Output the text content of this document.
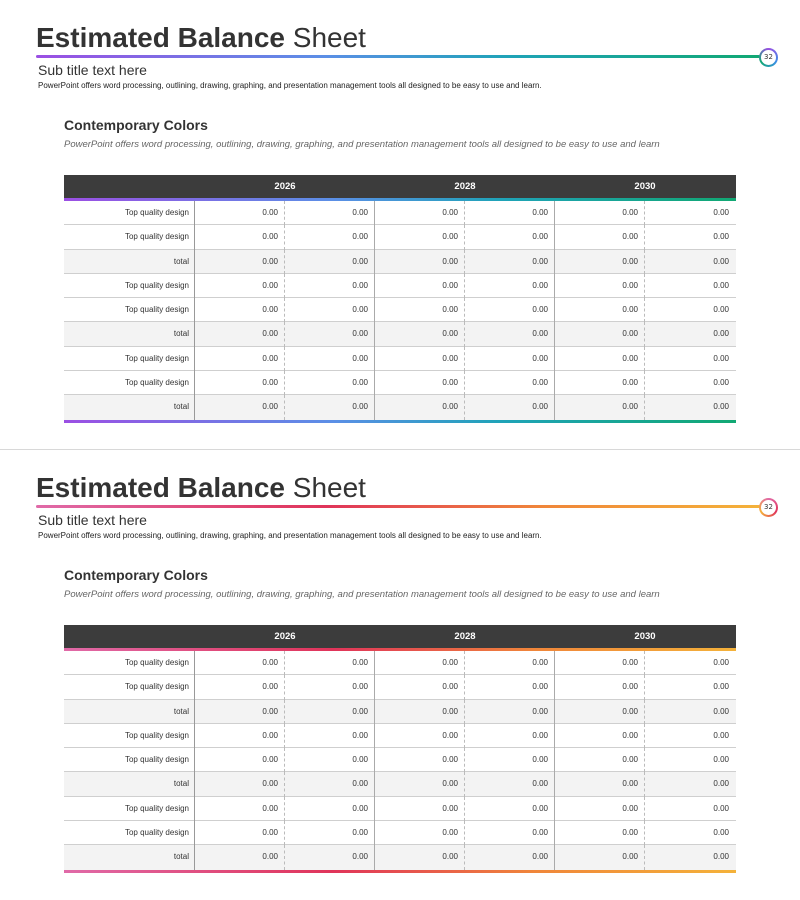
Estimated Balance Sheet
32
Sub title text here
PowerPoint offers word processing, outlining, drawing, graphing, and presentation management tools all designed to be easy to use and learn.
Contemporary Colors
PowerPoint offers word processing, outlining, drawing, graphing, and presentation management tools all designed to be easy to use and learn
2026	2028	2030
Top quality design	0.00	0.00	0.00	0.00	0.00	0.00
Top quality design	0.00	0.00	0.00	0.00	0.00	0.00
total	0.00	0.00	0.00	0.00	0.00	0.00
Top quality design	0.00	0.00	0.00	0.00	0.00	0.00
Top quality design	0.00	0.00	0.00	0.00	0.00	0.00
total	0.00	0.00	0.00	0.00	0.00	0.00
Top quality design	0.00	0.00	0.00	0.00	0.00	0.00
Top quality design	0.00	0.00	0.00	0.00	0.00	0.00
total	0.00	0.00	0.00	0.00	0.00	0.00
Estimated Balance Sheet
32
Sub title text here
PowerPoint offers word processing, outlining, drawing, graphing, and presentation management tools all designed to be easy to use and learn.
Contemporary Colors
PowerPoint offers word processing, outlining, drawing, graphing, and presentation management tools all designed to be easy to use and learn
2026	2028	2030
Top quality design	0.00	0.00	0.00	0.00	0.00	0.00
Top quality design	0.00	0.00	0.00	0.00	0.00	0.00
total	0.00	0.00	0.00	0.00	0.00	0.00
Top quality design	0.00	0.00	0.00	0.00	0.00	0.00
Top quality design	0.00	0.00	0.00	0.00	0.00	0.00
total	0.00	0.00	0.00	0.00	0.00	0.00
Top quality design	0.00	0.00	0.00	0.00	0.00	0.00
Top quality design	0.00	0.00	0.00	0.00	0.00	0.00
total	0.00	0.00	0.00	0.00	0.00	0.00
